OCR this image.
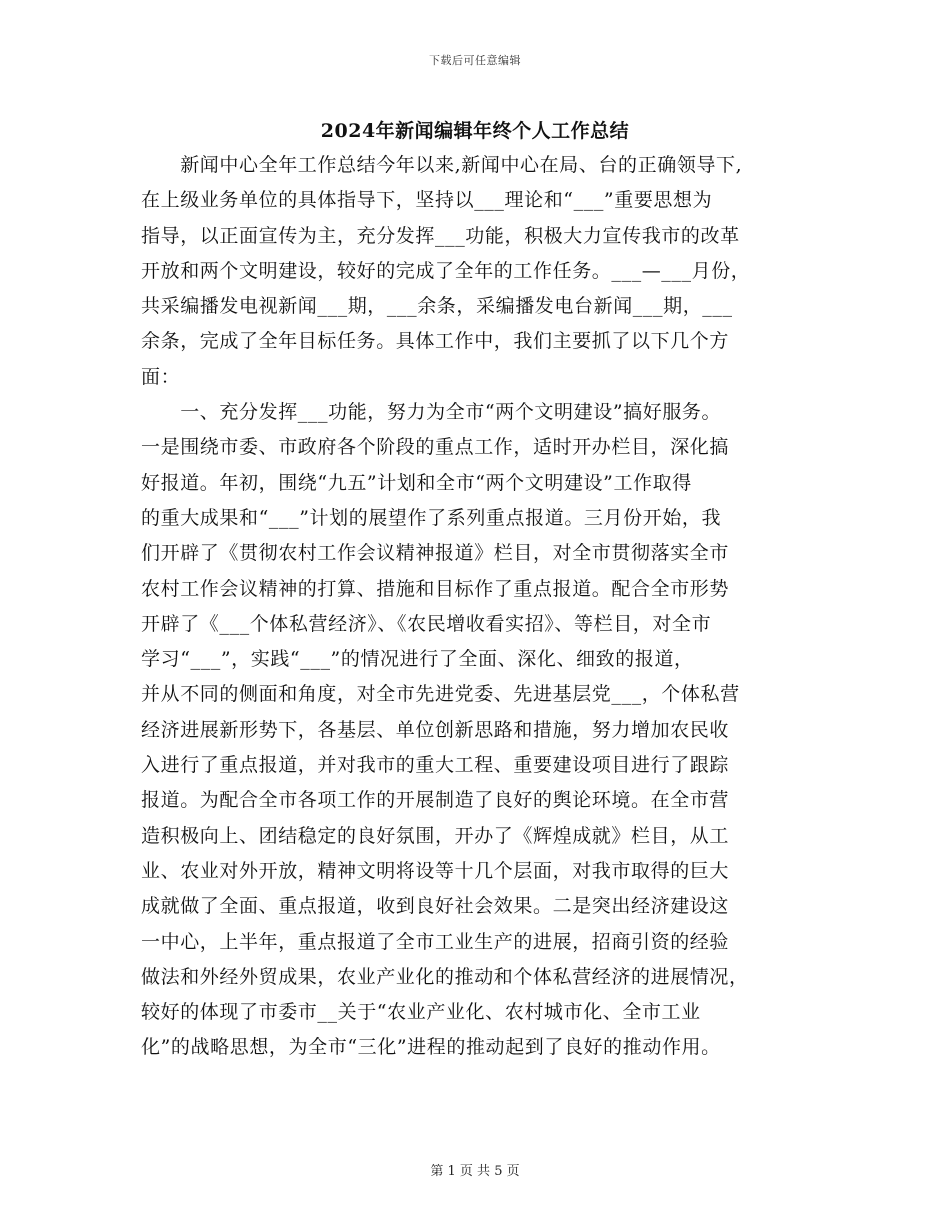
下载后可任意编辑
2024年新闻编辑年终个人工作总结
　　新闻中心全年工作总结今年以来,新闻中心在局、台的正确领导下,
在上级业务单位的具体指导下，坚持以___理论和“___”重要思想为
指导，以正面宣传为主，充分发挥___功能，积极大力宣传我市的改革
开放和两个文明建设，较好的完成了全年的工作任务。___—___月份，
共采编播发电视新闻___期，___余条，采编播发电台新闻___期，___
余条，完成了全年目标任务。具体工作中，我们主要抓了以下几个方
面：
　　一、充分发挥___功能，努力为全市“两个文明建设”搞好服务。
一是围绕市委、市政府各个阶段的重点工作，适时开办栏目，深化搞
好报道。年初，围绕“九五”计划和全市“两个文明建设”工作取得
的重大成果和“___”计划的展望作了系列重点报道。三月份开始，我
们开辟了《贯彻农村工作会议精神报道》栏目，对全市贯彻落实全市
农村工作会议精神的打算、措施和目标作了重点报道。配合全市形势
开辟了《___个体私营经济》、《农民增收看实招》、等栏目，对全市
学习“___”，实践“___”的情况进行了全面、深化、细致的报道，
并从不同的侧面和角度，对全市先进党委、先进基层党___，个体私营
经济进展新形势下，各基层、单位创新思路和措施，努力增加农民收
入进行了重点报道，并对我市的重大工程、重要建设项目进行了跟踪
报道。为配合全市各项工作的开展制造了良好的舆论环境。在全市营
造积极向上、团结稳定的良好氛围，开办了《辉煌成就》栏目，从工
业、农业对外开放，精神文明将设等十几个层面，对我市取得的巨大
成就做了全面、重点报道，收到良好社会效果。二是突出经济建设这
一中心，上半年，重点报道了全市工业生产的进展，招商引资的经验
做法和外经外贸成果，农业产业化的推动和个体私营经济的进展情况，
较好的体现了市委市__关于“农业产业化、农村城市化、全市工业
化”的战略思想，为全市“三化”进程的推动起到了良好的推动作用。
第 1 页 共 5 页
